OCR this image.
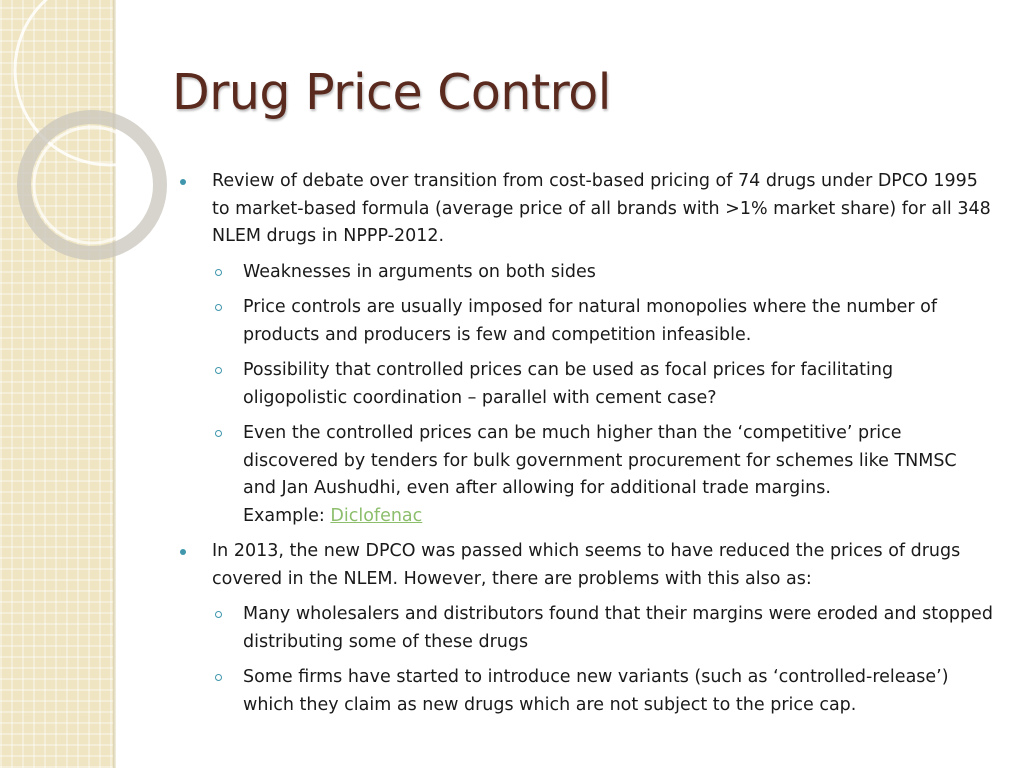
Drug Price Control
Review of debate over transition from cost-based pricing of 74 drugs under DPCO 1995 to market-based formula (average price of all brands with >1% market share) for all 348 NLEM drugs in NPPP-2012.
Weaknesses in arguments on both sides
Price controls are usually imposed for natural monopolies where the number of products and producers is few and competition infeasible.
Possibility that controlled prices can be used as focal prices for facilitating oligopolistic coordination – parallel with cement case?
Even the controlled prices can be much higher than the ‘competitive’ price discovered by tenders for bulk government procurement for schemes like TNMSC and Jan Aushudhi, even after allowing for additional trade margins.
Example: Diclofenac
In 2013, the new DPCO was passed which seems to have reduced the prices of drugs covered in the NLEM. However, there are problems with this also as:
Many wholesalers and distributors found that their margins were eroded and stopped distributing some of these drugs
Some firms have started to introduce new variants (such as ‘controlled-release’) which they claim as new drugs which are not subject to the price cap.
